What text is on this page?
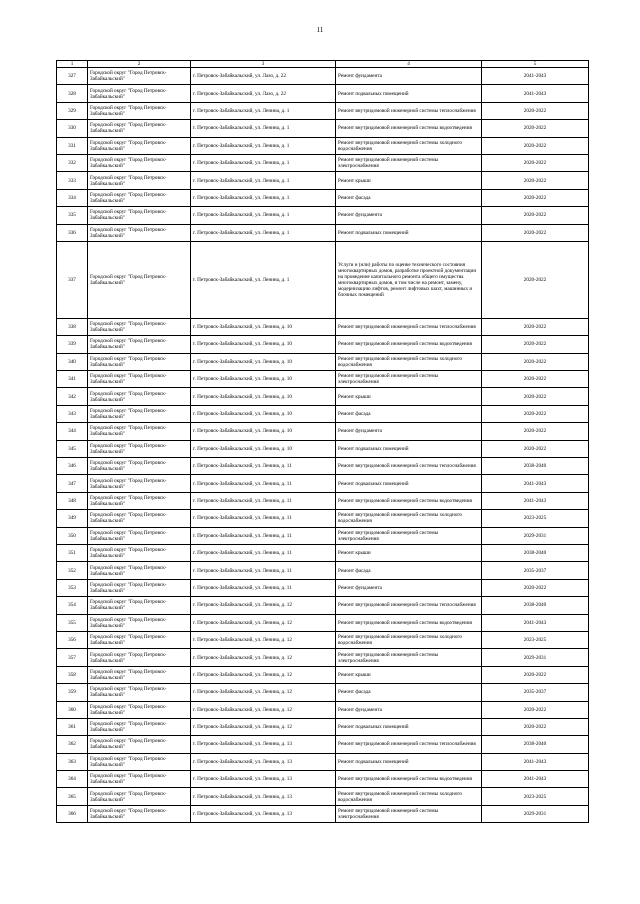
11
1	2	3	4	5
327	Городской округ "Город Петровск-Забайкальский"	г. Петровск-Забайкальский, ул. Лазо, д. 22	Ремонт фундамента	2041-2043
328	Городской округ "Город Петровск-Забайкальский"	г. Петровск-Забайкальский, ул. Лазо, д. 22	Ремонт подвальных помещений	2041-2043
329	Городской округ "Город Петровск-Забайкальский"	г. Петровск-Забайкальский, ул. Ленина, д. 1	Ремонт внутридомовой инженерной системы теплоснабжения	2020-2022
330	Городской округ "Город Петровск-Забайкальский"	г. Петровск-Забайкальский, ул. Ленина, д. 1	Ремонт внутридомовой инженерной системы водоотведения	2020-2022
331	Городской округ "Город Петровск-Забайкальский"	г. Петровск-Забайкальский, ул. Ленина, д. 1	Ремонт внутридомовой инженерной системы холодного водоснабжения	2020-2022
332	Городской округ "Город Петровск-Забайкальский"	г. Петровск-Забайкальский, ул. Ленина, д. 1	Ремонт внутридомовой инженерной системы электроснабжения	2020-2022
333	Городской округ "Город Петровск-Забайкальский"	г. Петровск-Забайкальский, ул. Ленина, д. 1	Ремонт крыши	2020-2022
334	Городской округ "Город Петровск-Забайкальский"	г. Петровск-Забайкальский, ул. Ленина, д. 1	Ремонт фасада	2020-2022
335	Городской округ "Город Петровск-Забайкальский"	г. Петровск-Забайкальский, ул. Ленина, д. 1	Ремонт фундамента	2020-2022
336	Городской округ "Город Петровск-Забайкальский"	г. Петровск-Забайкальский, ул. Ленина, д. 1	Ремонт подвальных помещений	2020-2022
337	Городской округ "Город Петровск-Забайкальский"	г. Петровск-Забайкальский, ул. Ленина, д. 1	Услуги и (или) работы по оценке технического состояния многоквартирных домов, разработке проектной документации на проведение капитального ремонта общего имущества многоквартирных домов, в том числе на ремонт, замену, модернизацию лифтов, ремонт лифтовых шахт, машинных и блочных помещений	2020-2022
338	Городской округ "Город Петровск-Забайкальский"	г. Петровск-Забайкальский, ул. Ленина, д. 10	Ремонт внутридомовой инженерной системы теплоснабжения	2020-2022
339	Городской округ "Город Петровск-Забайкальский"	г. Петровск-Забайкальский, ул. Ленина, д. 10	Ремонт внутридомовой инженерной системы водоотведения	2020-2022
340	Городской округ "Город Петровск-Забайкальский"	г. Петровск-Забайкальский, ул. Ленина, д. 10	Ремонт внутридомовой инженерной системы холодного водоснабжения	2020-2022
341	Городской округ "Город Петровск-Забайкальский"	г. Петровск-Забайкальский, ул. Ленина, д. 10	Ремонт внутридомовой инженерной системы электроснабжения	2020-2022
342	Городской округ "Город Петровск-Забайкальский"	г. Петровск-Забайкальский, ул. Ленина, д. 10	Ремонт крыши	2020-2022
343	Городской округ "Город Петровск-Забайкальский"	г. Петровск-Забайкальский, ул. Ленина, д. 10	Ремонт фасада	2020-2022
344	Городской округ "Город Петровск-Забайкальский"	г. Петровск-Забайкальский, ул. Ленина, д. 10	Ремонт фундамента	2020-2022
345	Городской округ "Город Петровск-Забайкальский"	г. Петровск-Забайкальский, ул. Ленина, д. 10	Ремонт подвальных помещений	2020-2022
346	Городской округ "Город Петровск-Забайкальский"	г. Петровск-Забайкальский, ул. Ленина, д. 11	Ремонт внутридомовой инженерной системы теплоснабжения	2038-2040
347	Городской округ "Город Петровск-Забайкальский"	г. Петровск-Забайкальский, ул. Ленина, д. 11	Ремонт подвальных помещений	2041-2043
348	Городской округ "Город Петровск-Забайкальский"	г. Петровск-Забайкальский, ул. Ленина, д. 11	Ремонт внутридомовой инженерной системы водоотведения	2041-2043
349	Городской округ "Город Петровск-Забайкальский"	г. Петровск-Забайкальский, ул. Ленина, д. 11	Ремонт внутридомовой инженерной системы холодного водоснабжения	2023-2025
350	Городской округ "Город Петровск-Забайкальский"	г. Петровск-Забайкальский, ул. Ленина, д. 11	Ремонт внутридомовой инженерной системы электроснабжения	2029-2031
351	Городской округ "Город Петровск-Забайкальский"	г. Петровск-Забайкальский, ул. Ленина, д. 11	Ремонт крыши	2038-2040
352	Городской округ "Город Петровск-Забайкальский"	г. Петровск-Забайкальский, ул. Ленина, д. 11	Ремонт фасада	2035-2037
353	Городской округ "Город Петровск-Забайкальский"	г. Петровск-Забайкальский, ул. Ленина, д. 11	Ремонт фундамента	2020-2022
354	Городской округ "Город Петровск-Забайкальский"	г. Петровск-Забайкальский, ул. Ленина, д. 12	Ремонт внутридомовой инженерной системы теплоснабжения	2038-2040
355	Городской округ "Город Петровск-Забайкальский"	г. Петровск-Забайкальский, ул. Ленина, д. 12	Ремонт внутридомовой инженерной системы водоотведения	2041-2043
356	Городской округ "Город Петровск-Забайкальский"	г. Петровск-Забайкальский, ул. Ленина, д. 12	Ремонт внутридомовой инженерной системы холодного водоснабжения	2023-2025
357	Городской округ "Город Петровск-Забайкальский"	г. Петровск-Забайкальский, ул. Ленина, д. 12	Ремонт внутридомовой инженерной системы электроснабжения	2029-2031
358	Городской округ "Город Петровск-Забайкальский"	г. Петровск-Забайкальский, ул. Ленина, д. 12	Ремонт крыши	2020-2022
359	Городской округ "Город Петровск-Забайкальский"	г. Петровск-Забайкальский, ул. Ленина, д. 12	Ремонт фасада	2035-2037
360	Городской округ "Город Петровск-Забайкальский"	г. Петровск-Забайкальский, ул. Ленина, д. 12	Ремонт фундамента	2020-2022
361	Городской округ "Город Петровск-Забайкальский"	г. Петровск-Забайкальский, ул. Ленина, д. 12	Ремонт подвальных помещений	2020-2022
362	Городской округ "Город Петровск-Забайкальский"	г. Петровск-Забайкальский, ул. Ленина, д. 13	Ремонт внутридомовой инженерной системы теплоснабжения	2038-2040
363	Городской округ "Город Петровск-Забайкальский"	г. Петровск-Забайкальский, ул. Ленина, д. 13	Ремонт подвальных помещений	2041-2043
364	Городской округ "Город Петровск-Забайкальский"	г. Петровск-Забайкальский, ул. Ленина, д. 13	Ремонт внутридомовой инженерной системы водоотведения	2041-2043
365	Городской округ "Город Петровск-Забайкальский"	г. Петровск-Забайкальский, ул. Ленина, д. 13	Ремонт внутридомовой инженерной системы холодного водоснабжения	2023-2025
366	Городской округ "Город Петровск-Забайкальский"	г. Петровск-Забайкальский, ул. Ленина, д. 13	Ремонт внутридомовой инженерной системы электроснабжения	2029-2031
